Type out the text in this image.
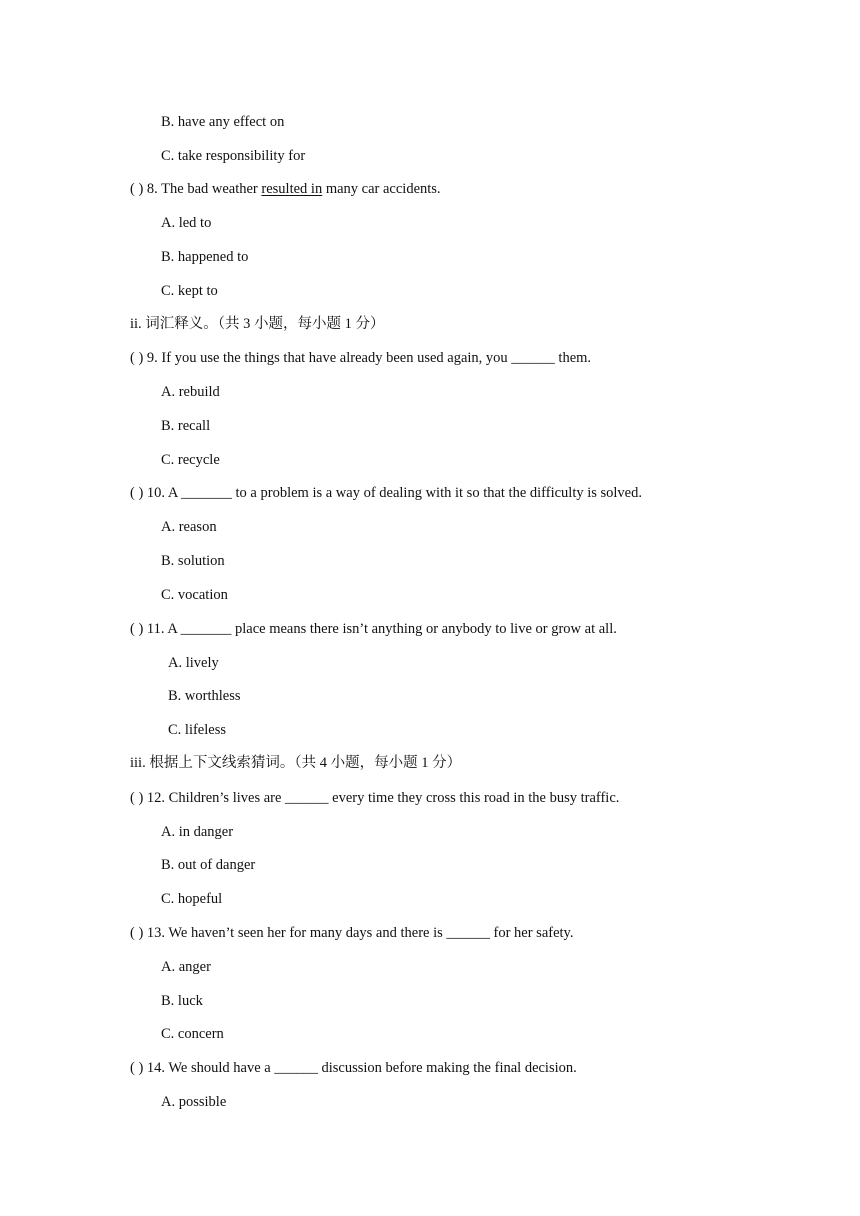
B. have any effect on
C. take responsibility for
( ) 8. The bad weather resulted in many car accidents.
A. led to
B. happened to
C. kept to
ii. 词汇释义。（共 3 小题，每小题 1 分）
( ) 9. If you use the things that have already been used again, you ______ them.
A. rebuild
B. recall
C. recycle
( ) 10. A _______ to a problem is a way of dealing with it so that the difficulty is solved.
A. reason
B. solution
C. vocation
( ) 11. A _______ place means there isn’t anything or anybody to live or grow at all.
A. lively
B. worthless
C. lifeless
iii. 根据上下文线索猜词。（共 4 小题，每小题 1 分）
( ) 12. Children’s lives are ______ every time they cross this road in the busy traffic.
A. in danger
B. out of danger
C. hopeful
( ) 13. We haven’t seen her for many days and there is ______ for her safety.
A. anger
B. luck
C. concern
( ) 14. We should have a ______ discussion before making the final decision.
A. possible
